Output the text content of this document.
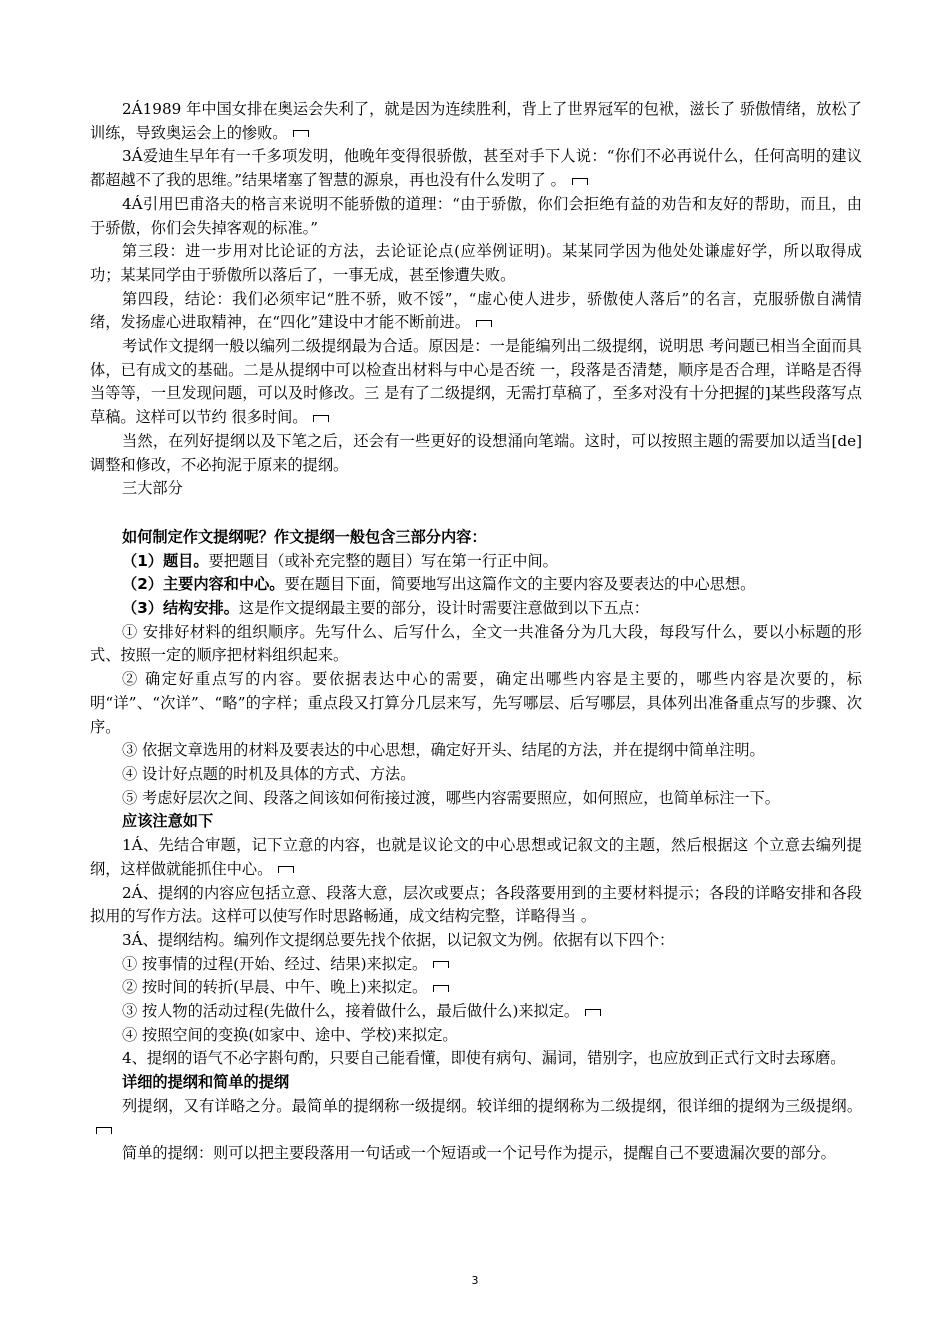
2Á1989 年中国女排在奥运会失利了，就是因为连续胜利，背上了世界冠军的包袱，滋长了 骄傲情绪，放松了训练，导致奥运会上的惨败。

3Á爱迪生早年有一千多项发明，他晚年变得很骄傲，甚至对手下人说：“你们不必再说什么，任何高明的建议都超越不了我的思维。”结果堵塞了智慧的源泉，再也没有什么发明了 。

4Á引用巴甫洛夫的格言来说明不能骄傲的道理：“由于骄傲，你们会拒绝有益的劝告和友好的帮助，而且，由于骄傲，你们会失掉客观的标准。”

第三段：进一步用对比论证的方法，去论证论点(应举例证明)。某某同学因为他处处谦虚好学，所以取得成功；某某同学由于骄傲所以落后了，一事无成，甚至惨遭失败。

第四段，结论：我们必须牢记“胜不骄，败不馁”，“虚心使人进步，骄傲使人落后”的名言，克服骄傲自满情绪，发扬虚心进取精神，在“四化”建设中才能不断前进。

考试作文提纲一般以编列二级提纲最为合适。原因是：一是能编列出二级提纲，说明思 考问题已相当全面而具体，已有成文的基础。二是从提纲中可以检查出材料与中心是否统 一，段落是否清楚，顺序是否合理，详略是否得当等等，一旦发现问题，可以及时修改。三 是有了二级提纲，无需打草稿了，至多对没有十分把握的]某些段落写点草稿。这样可以节约 很多时间。

当然，在列好提纲以及下笔之后，还会有一些更好的设想涌向笔端。这时，可以按照主题的需要加以适当[de]调整和修改，不必拘泥于原来的提纲。

三大部分

如何制定作文提纲呢？作文提纲一般包含三部分内容：

（1）题目。要把题目（或补充完整的题目）写在第一行正中间。

（2）主要内容和中心。要在题目下面，简要地写出这篇作文的主要内容及要表达的中心思想。

（3）结构安排。这是作文提纲最主要的部分，设计时需要注意做到以下五点：

① 安排好材料的组织顺序。先写什么、后写什么，全文一共准备分为几大段，每段写什么，要以小标题的形式、按照一定的顺序把材料组织起来。

② 确定好重点写的内容。要依据表达中心的需要，确定出哪些内容是主要的，哪些内容是次要的，标明“详”、“次详”、“略”的字样；重点段又打算分几层来写，先写哪层、后写哪层，具体列出准备重点写的步骤、次序。

③ 依据文章选用的材料及要表达的中心思想，确定好开头、结尾的方法，并在提纲中简单注明。

④ 设计好点题的时机及具体的方式、方法。

⑤ 考虑好层次之间、段落之间该如何衔接过渡，哪些内容需要照应，如何照应，也简单标注一下。

应该注意如下

1Á、先结合审题，记下立意的内容，也就是议论文的中心思想或记叙文的主题，然后根据这 个立意去编列提纲，这样做就能抓住中心。

2Á、提纲的内容应包括立意、段落大意，层次或要点；各段落要用到的主要材料提示；各段的详略安排和各段拟用的写作方法。这样可以使写作时思路畅通，成文结构完整，详略得当 。

3Á、提纲结构。编列作文提纲总要先找个依据，以记叙文为例。依据有以下四个：

① 按事情的过程(开始、经过、结果)来拟定。

② 按时间的转折(早晨、中午、晚上)来拟定。

③ 按人物的活动过程(先做什么，接着做什么，最后做什么)来拟定。

④ 按照空间的变换(如家中、途中、学校)来拟定。

4、提纲的语气不必字斟句酌，只要自己能看懂，即使有病句、漏词，错别字，也应放到正式行文时去琢磨。

详细的提纲和简单的提纲

列提纲，又有详略之分。最简单的提纲称一级提纲。较详细的提纲称为二级提纲，很详细的提纲为三级提纲。

简单的提纲：则可以把主要段落用一句话或一个短语或一个记号作为提示，提醒自己不要遗漏次要的部分。

3
